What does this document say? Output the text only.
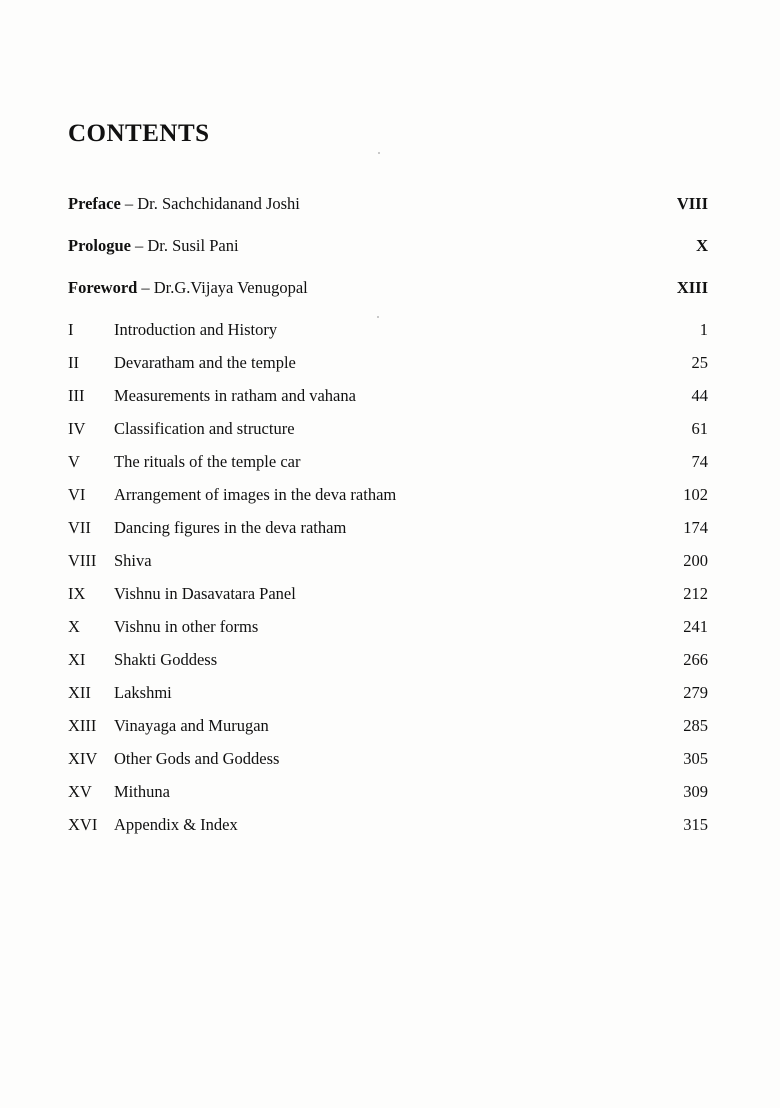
CONTENTS
Preface – Dr. Sachchidanand Joshi	VIII
Prologue – Dr. Susil Pani	X
Foreword – Dr.G.Vijaya Venugopal	XIII
I	Introduction and History	1
II	Devaratham and the temple	25
III	Measurements in ratham and vahana	44
IV	Classification and structure	61
V	The rituals of the temple car	74
VI	Arrangement of images in the deva ratham	102
VII	Dancing figures in the deva ratham	174
VIII	Shiva	200
IX	Vishnu in Dasavatara Panel	212
X	Vishnu in other forms	241
XI	Shakti Goddess	266
XII	Lakshmi	279
XIII	Vinayaga and Murugan	285
XIV	Other Gods and Goddess	305
XV	Mithuna	309
XVI	Appendix & Index	315
